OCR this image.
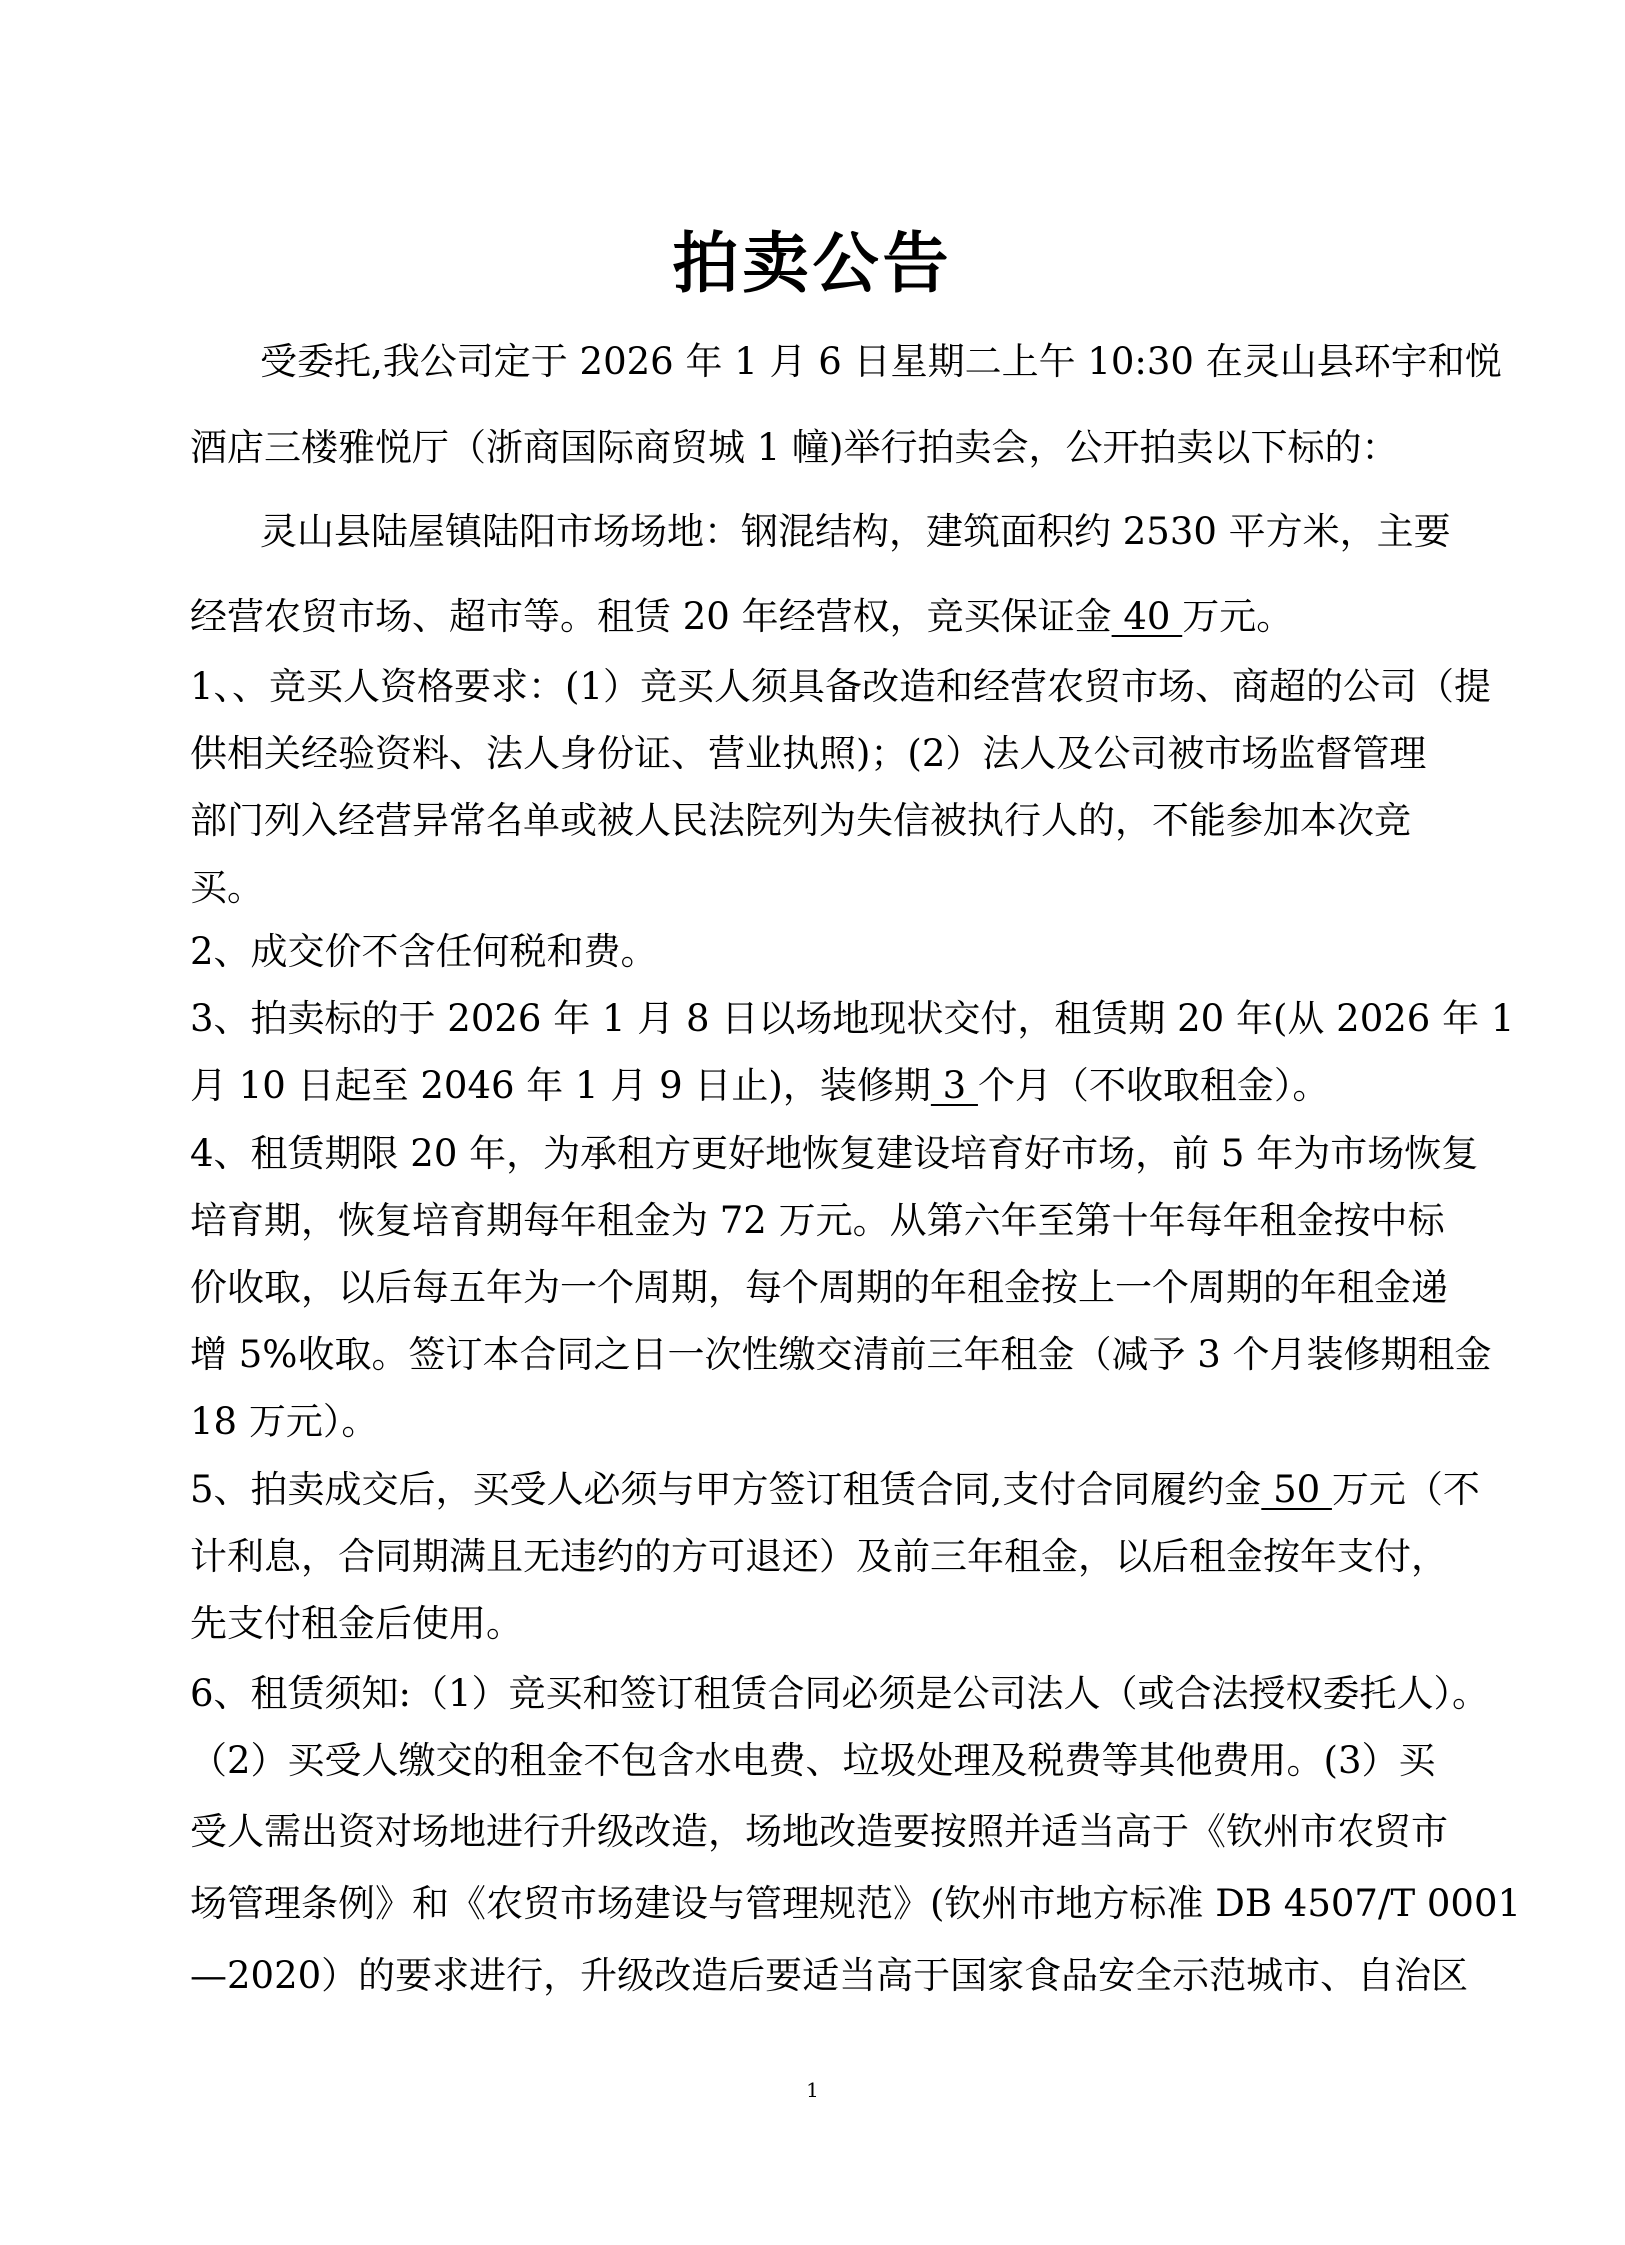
拍卖公告
受委托,我公司定于 2026 年 1 月 6 日星期二上午 10:30 在灵山县环宇和悦
酒店三楼雅悦厅（浙商国际商贸城 1 幢)举行拍卖会，公开拍卖以下标的：
灵山县陆屋镇陆阳市场场地：钢混结构，建筑面积约 2530 平方米，主要
经营农贸市场、超市等。租赁 20 年经营权，竞买保证金 40 万元。
1、、竞买人资格要求：(1）竞买人须具备改造和经营农贸市场、商超的公司（提
供相关经验资料、法人身份证、营业执照)；(2）法人及公司被市场监督管理
部门列入经营异常名单或被人民法院列为失信被执行人的，不能参加本次竞
买。
2、成交价不含任何税和费。
3、拍卖标的于 2026 年 1 月 8 日以场地现状交付，租赁期 20 年(从 2026 年 1
月 10 日起至 2046 年 1 月 9 日止)，装修期 3 个月（不收取租金）。
4、租赁期限 20 年，为承租方更好地恢复建设培育好市场，前 5 年为市场恢复
培育期，恢复培育期每年租金为 72 万元。从第六年至第十年每年租金按中标
价收取，以后每五年为一个周期，每个周期的年租金按上一个周期的年租金递
增 5%收取。签订本合同之日一次性缴交清前三年租金（减予 3 个月装修期租金
18 万元）。
5、拍卖成交后，买受人必须与甲方签订租赁合同,支付合同履约金 50 万元（不
计利息，合同期满且无违约的方可退还）及前三年租金，以后租金按年支付，
先支付租金后使用。
6、租赁须知:（1）竞买和签订租赁合同必须是公司法人（或合法授权委托人）。
（2）买受人缴交的租金不包含水电费、垃圾处理及税费等其他费用。(3）买
受人需出资对场地进行升级改造，场地改造要按照并适当高于《钦州市农贸市
场管理条例》和《农贸市场建设与管理规范》(钦州市地方标准 DB 4507/T 0001
—2020）的要求进行，升级改造后要适当高于国家食品安全示范城市、自治区
1
